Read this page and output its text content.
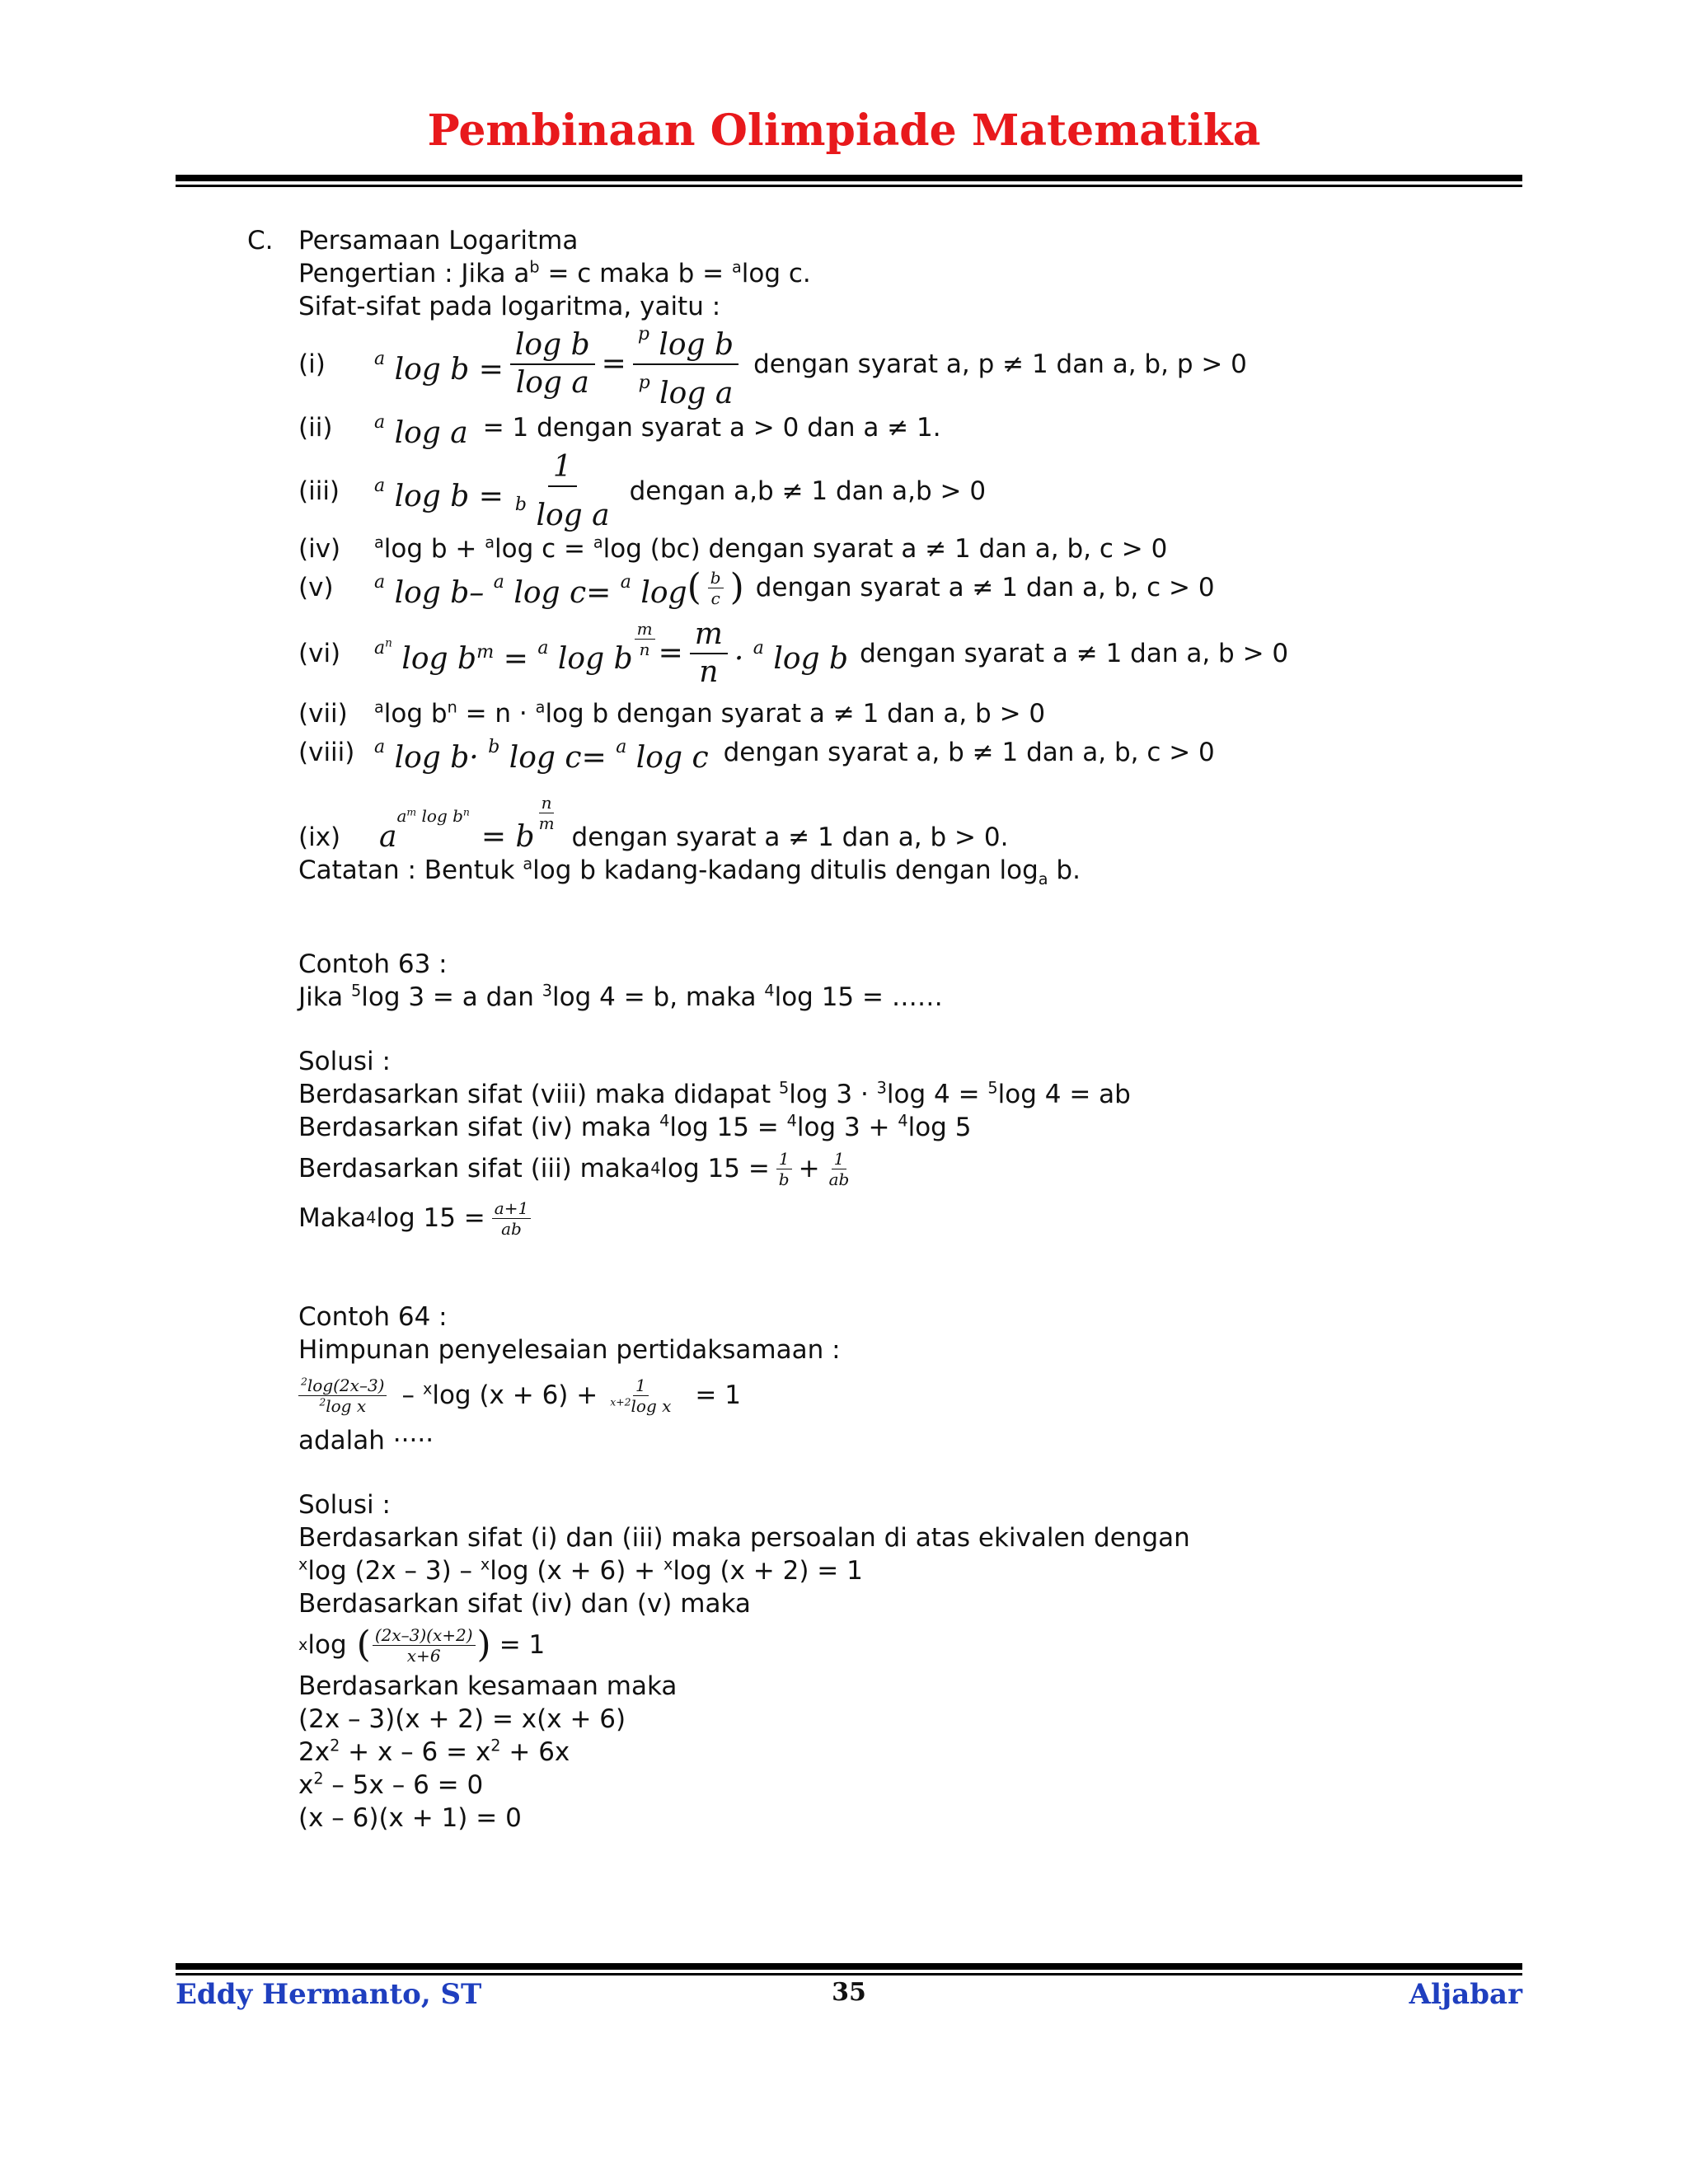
Pembinaan Olimpiade Matematika
C. Persamaan Logaritma
Pengertian : Jika $a^b = c$ maka b = $^a$log c.
Sifat-sifat pada logaritma, yaitu :
(i)	$^a$ $\log b = \frac{\text{log b}}{\text{log a}} = \frac{^p \log b}{^p \log a}$ dengan syarat a, p ≠ 1 dan a, b, p > 0
(ii)	$^a$ log a = 1 dengan syarat a > 0 dan a ≠ 1.
(iii)	$^a$ $\log b = \frac{1}{^b \log a}$ dengan a,b ≠ 1 dan a,b > 0
(iv) $^a$log b + $^a$log c = $^a$log (bc) dengan syarat a ≠ 1 dan a, b, c > 0
(v)	$^a$ log b– $^a$ log c= $^a$ log ( $\frac{b}{c}$ ) dengan syarat a ≠ 1 dan a, b, c > 0
(vi)	$^{a^n}$ $\log b^m = ^a$ log b
$\frac{m}{n} = \frac{m}{n} \cdot ^a$ log b dengan syarat a ≠ 1 dan a, b > 0
(vii) $^a$log $b^n = n \cdot ^a\log$ b dengan syarat a ≠ 1 dan a, b > 0
(viii)	$^a$ log b· $^b$ log c= $^a$ log c dengan syarat a, b ≠ 1 dan a, b, c > 0
(ix)	a
$a^m$ $\log b^n$
= b
$\frac{n}{m}$
dengan syarat a ≠ 1 dan a, b > 0.
Catatan : Bentuk $^a$log b kadang-kadang ditulis dengan $\log_a b$.
Contoh 63 :
Jika $^5$log 3 = a dan $^3$log 4 = b, maka $^4$log 15 = ……
Solusi :
Berdasarkan sifat (viii) maka didapat $^5$log 3 · $^3$log 4 = $^5$log 4 = ab
Berdasarkan sifat (iv) maka $^4$log 15 = $^4$log 3 + $^4$log 5
Berdasarkan sifat (iii) maka 4 $\log 15 = \frac{1}{b} + \frac{1}{ab}$
Maka 4 $\log 15 = \frac{a+1}{ab}$
Contoh 64 :
Himpunan penyelesaian pertidaksamaan :
$\frac{^2\log(2x-3)}{^2\log x} - ^x\log$ $(x + 6) + \frac{1}{^{x+2}\log x} = 1$
adalah ·····
Solusi :
Berdasarkan sifat (i) dan (iii) maka persoalan di atas ekivalen dengan
$^x$log (2x – 3) – $^x$log (x + 6) + $^x$log (x + 2) = 1
Berdasarkan sifat (iv) dan (v) maka
x log ( $\frac{(2x-3)(x+2)}{x+6}$ ) = 1
Berdasarkan kesamaan maka
(2x – 3)(x + 2) = x(x + 6)
$2x^2 + x - 6 = x^2 + 6x$
$x^2 - 5x - 6 = 0$
(x – 6)(x + 1) = 0
Eddy Hermanto, ST	35	Aljabar
